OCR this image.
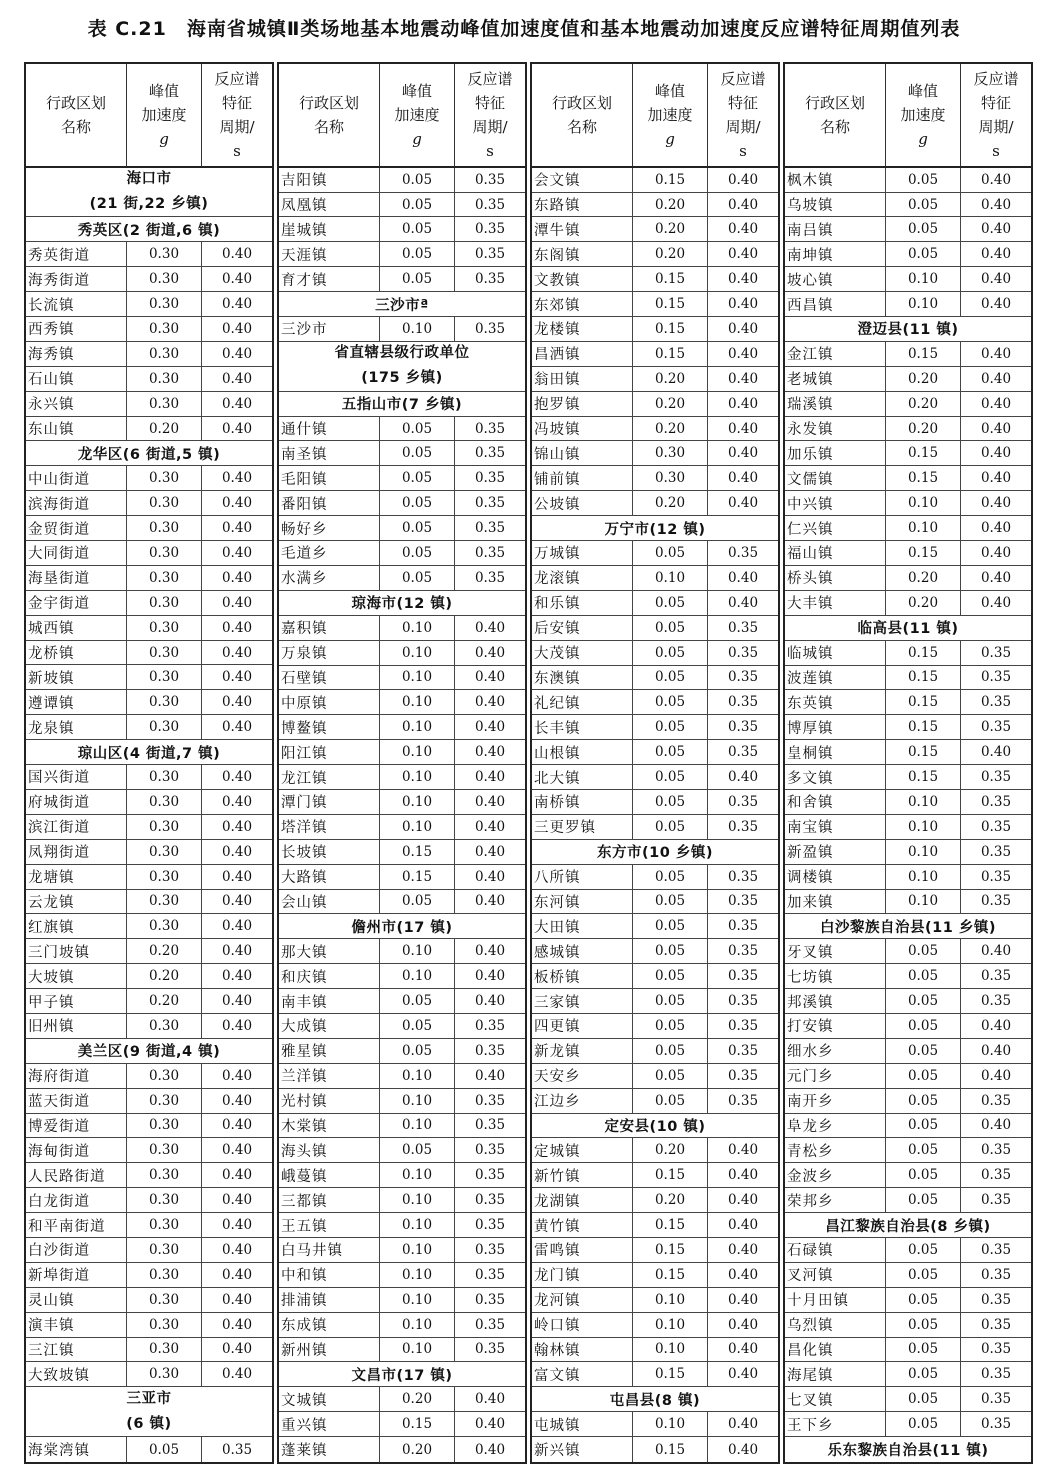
表 C.21　海南省城镇Ⅱ类场地基本地震动峰值加速度值和基本地震动加速度反应谱特征周期值列表
行政区划
名称
峰值
加速度
g
反应谱
特征
周期/
s
海口市
(21 街,22 乡镇)
秀英区(2 街道,6 镇)
秀英街道	0.30	0.40
海秀街道	0.30	0.40
长流镇	0.30	0.40
西秀镇	0.30	0.40
海秀镇	0.30	0.40
石山镇	0.30	0.40
永兴镇	0.30	0.40
东山镇	0.20	0.40
龙华区(6 街道,5 镇)
中山街道	0.30	0.40
滨海街道	0.30	0.40
金贸街道	0.30	0.40
大同街道	0.30	0.40
海垦街道	0.30	0.40
金宇街道	0.30	0.40
城西镇	0.30	0.40
龙桥镇	0.30	0.40
新坡镇	0.30	0.40
遵谭镇	0.30	0.40
龙泉镇	0.30	0.40
琼山区(4 街道,7 镇)
国兴街道	0.30	0.40
府城街道	0.30	0.40
滨江街道	0.30	0.40
凤翔街道	0.30	0.40
龙塘镇	0.30	0.40
云龙镇	0.30	0.40
红旗镇	0.30	0.40
三门坡镇	0.20	0.40
大坡镇	0.20	0.40
甲子镇	0.20	0.40
旧州镇	0.30	0.40
美兰区(9 街道,4 镇)
海府街道	0.30	0.40
蓝天街道	0.30	0.40
博爱街道	0.30	0.40
海甸街道	0.30	0.40
人民路街道	0.30	0.40
白龙街道	0.30	0.40
和平南街道	0.30	0.40
白沙街道	0.30	0.40
新埠街道	0.30	0.40
灵山镇	0.30	0.40
演丰镇	0.30	0.40
三江镇	0.30	0.40
大致坡镇	0.30	0.40
三亚市
(6 镇)
海棠湾镇	0.05	0.35
行政区划
名称
峰值
加速度
g
反应谱
特征
周期/
s
吉阳镇	0.05	0.35
凤凰镇	0.05	0.35
崖城镇	0.05	0.35
天涯镇	0.05	0.35
育才镇	0.05	0.35
三沙市ª
三沙市	0.10	0.35
省直辖县级行政单位
(175 乡镇)
五指山市(7 乡镇)
通什镇	0.05	0.35
南圣镇	0.05	0.35
毛阳镇	0.05	0.35
番阳镇	0.05	0.35
畅好乡	0.05	0.35
毛道乡	0.05	0.35
水满乡	0.05	0.35
琼海市(12 镇)
嘉积镇	0.10	0.40
万泉镇	0.10	0.40
石壁镇	0.10	0.40
中原镇	0.10	0.40
博鳌镇	0.10	0.40
阳江镇	0.10	0.40
龙江镇	0.10	0.40
潭门镇	0.10	0.40
塔洋镇	0.10	0.40
长坡镇	0.15	0.40
大路镇	0.15	0.40
会山镇	0.05	0.40
儋州市(17 镇)
那大镇	0.10	0.40
和庆镇	0.10	0.40
南丰镇	0.05	0.40
大成镇	0.05	0.35
雅星镇	0.05	0.35
兰洋镇	0.10	0.40
光村镇	0.10	0.35
木棠镇	0.10	0.35
海头镇	0.05	0.35
峨蔓镇	0.10	0.35
三都镇	0.10	0.35
王五镇	0.10	0.35
白马井镇	0.10	0.35
中和镇	0.10	0.35
排浦镇	0.10	0.35
东成镇	0.10	0.35
新州镇	0.10	0.35
文昌市(17 镇)
文城镇	0.20	0.40
重兴镇	0.15	0.40
蓬莱镇	0.20	0.40
行政区划
名称
峰值
加速度
g
反应谱
特征
周期/
s
会文镇	0.15	0.40
东路镇	0.20	0.40
潭牛镇	0.20	0.40
东阁镇	0.20	0.40
文教镇	0.15	0.40
东郊镇	0.15	0.40
龙楼镇	0.15	0.40
昌洒镇	0.15	0.40
翁田镇	0.20	0.40
抱罗镇	0.20	0.40
冯坡镇	0.20	0.40
锦山镇	0.30	0.40
铺前镇	0.30	0.40
公坡镇	0.20	0.40
万宁市(12 镇)
万城镇	0.05	0.35
龙滚镇	0.10	0.40
和乐镇	0.05	0.40
后安镇	0.05	0.35
大茂镇	0.05	0.35
东澳镇	0.05	0.35
礼纪镇	0.05	0.35
长丰镇	0.05	0.35
山根镇	0.05	0.35
北大镇	0.05	0.40
南桥镇	0.05	0.35
三更罗镇	0.05	0.35
东方市(10 乡镇)
八所镇	0.05	0.35
东河镇	0.05	0.35
大田镇	0.05	0.35
感城镇	0.05	0.35
板桥镇	0.05	0.35
三家镇	0.05	0.35
四更镇	0.05	0.35
新龙镇	0.05	0.35
天安乡	0.05	0.35
江边乡	0.05	0.35
定安县(10 镇)
定城镇	0.20	0.40
新竹镇	0.15	0.40
龙湖镇	0.20	0.40
黄竹镇	0.15	0.40
雷鸣镇	0.15	0.40
龙门镇	0.15	0.40
龙河镇	0.10	0.40
岭口镇	0.10	0.40
翰林镇	0.10	0.40
富文镇	0.15	0.40
屯昌县(8 镇)
屯城镇	0.10	0.40
新兴镇	0.15	0.40
行政区划
名称
峰值
加速度
g
反应谱
特征
周期/
s
枫木镇	0.05	0.40
乌坡镇	0.05	0.40
南吕镇	0.05	0.40
南坤镇	0.05	0.40
坡心镇	0.10	0.40
西昌镇	0.10	0.40
澄迈县(11 镇)
金江镇	0.15	0.40
老城镇	0.20	0.40
瑞溪镇	0.20	0.40
永发镇	0.20	0.40
加乐镇	0.15	0.40
文儒镇	0.15	0.40
中兴镇	0.10	0.40
仁兴镇	0.10	0.40
福山镇	0.15	0.40
桥头镇	0.20	0.40
大丰镇	0.20	0.40
临高县(11 镇)
临城镇	0.15	0.35
波莲镇	0.15	0.35
东英镇	0.15	0.35
博厚镇	0.15	0.35
皇桐镇	0.15	0.40
多文镇	0.15	0.35
和舍镇	0.10	0.35
南宝镇	0.10	0.35
新盈镇	0.10	0.35
调楼镇	0.10	0.35
加来镇	0.10	0.35
白沙黎族自治县(11 乡镇)
牙叉镇	0.05	0.40
七坊镇	0.05	0.35
邦溪镇	0.05	0.35
打安镇	0.05	0.40
细水乡	0.05	0.40
元门乡	0.05	0.40
南开乡	0.05	0.35
阜龙乡	0.05	0.40
青松乡	0.05	0.35
金波乡	0.05	0.35
荣邦乡	0.05	0.35
昌江黎族自治县(8 乡镇)
石碌镇	0.05	0.35
叉河镇	0.05	0.35
十月田镇	0.05	0.35
乌烈镇	0.05	0.35
昌化镇	0.05	0.35
海尾镇	0.05	0.35
七叉镇	0.05	0.35
王下乡	0.05	0.35
乐东黎族自治县(11 镇)
